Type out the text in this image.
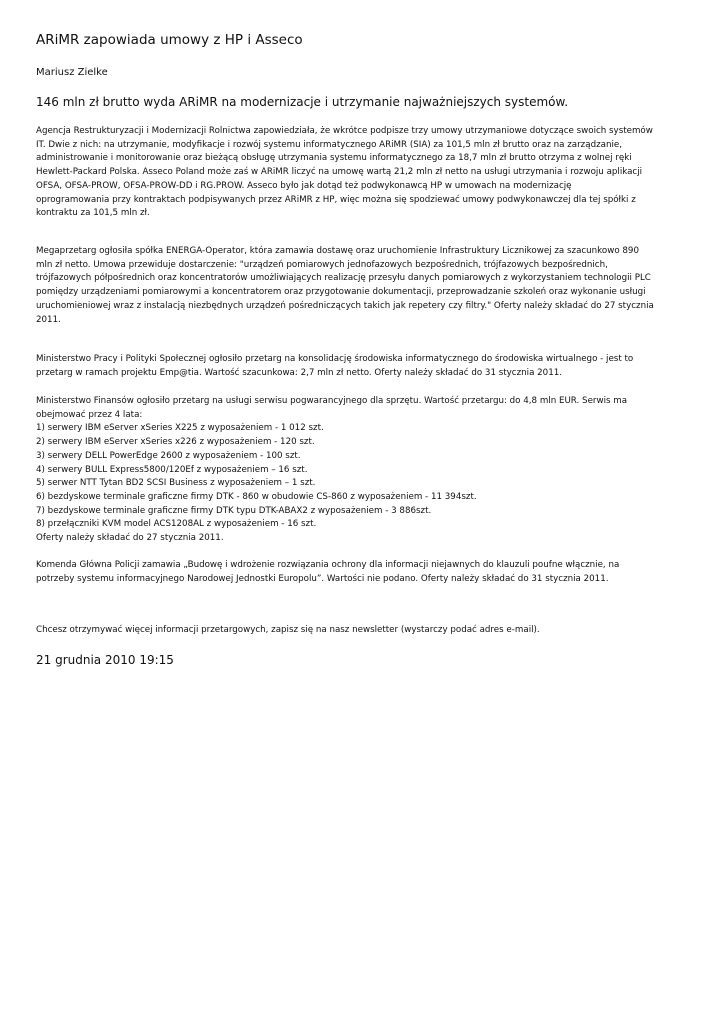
ARiMR zapowiada umowy z HP i Asseco
Mariusz Zielke
146 mln zł brutto wyda ARiMR na modernizacje i utrzymanie najważniejszych systemów.
Agencja Restrukturyzacji i Modernizacji Rolnictwa zapowiedziała, że wkrótce podpisze trzy umowy utrzymaniowe dotyczące swoich systemów
IT. Dwie z nich: na utrzymanie, modyfikacje i rozwój systemu informatycznego ARiMR (SIA) za 101,5 mln zł brutto oraz na zarządzanie,
administrowanie i monitorowanie oraz bieżącą obsługę utrzymania systemu informatycznego za 18,7 mln zł brutto otrzyma z wolnej ręki
Hewlett-Packard Polska. Asseco Poland może zaś w ARiMR liczyć na umowę wartą 21,2 mln zł netto na usługi utrzymania i rozwoju aplikacji
OFSA, OFSA-PROW, OFSA-PROW-DD i RG.PROW. Asseco było jak dotąd też podwykonawcą HP w umowach na modernizację
oprogramowania przy kontraktach podpisywanych przez ARiMR z HP, więc można się spodziewać umowy podwykonawczej dla tej spółki z
kontraktu za 101,5 mln zł.
Megaprzetarg ogłosiła spółka ENERGA-Operator, która zamawia dostawę oraz uruchomienie Infrastruktury Licznikowej za szacunkowo 890
mln zł netto. Umowa przewiduje dostarczenie: "urządzeń pomiarowych jednofazowych bezpośrednich, trójfazowych bezpośrednich,
trójfazowych półpośrednich oraz koncentratorów umożliwiających realizację przesyłu danych pomiarowych z wykorzystaniem technologii PLC
pomiędzy urządzeniami pomiarowymi a koncentratorem oraz przygotowanie dokumentacji, przeprowadzanie szkoleń oraz wykonanie usługi
uruchomieniowej wraz z instalacją niezbędnych urządzeń pośredniczących takich jak repetery czy filtry." Oferty należy składać do 27 stycznia
2011.
Ministerstwo Pracy i Polityki Społecznej ogłosiło przetarg na konsolidację środowiska informatycznego do środowiska wirtualnego - jest to
przetarg w ramach projektu Emp@tia. Wartość szacunkowa: 2,7 mln zł netto. Oferty należy składać do 31 stycznia 2011.
Ministerstwo Finansów ogłosiło przetarg na usługi serwisu pogwarancyjnego dla sprzętu. Wartość przetargu: do 4,8 mln EUR. Serwis ma
obejmować przez 4 lata:
1) serwery IBM eServer xSeries X225 z wyposażeniem - 1 012 szt.
2) serwery IBM eServer xSeries x226 z wyposażeniem - 120 szt.
3) serwery DELL PowerEdge 2600 z wyposażeniem - 100 szt.
4) serwery BULL Express5800/120Ef z wyposażeniem – 16 szt.
5) serwer NTT Tytan BD2 SCSI Business z wyposażeniem – 1 szt.
6) bezdyskowe terminale graficzne firmy DTK - 860 w obudowie CS-860 z wyposażeniem - 11 394szt.
7) bezdyskowe terminale graficzne firmy DTK typu DTK-ABAX2 z wyposażeniem - 3 886szt.
8) przełączniki KVM model ACS1208AL z wyposażeniem - 16 szt.
Oferty należy składać do 27 stycznia 2011.
Komenda Główna Policji zamawia „Budowę i wdrożenie rozwiązania ochrony dla informacji niejawnych do klauzuli poufne włącznie, na
potrzeby systemu informacyjnego Narodowej Jednostki Europolu”. Wartości nie podano. Oferty należy składać do 31 stycznia 2011.
Chcesz otrzymywać więcej informacji przetargowych, zapisz się na nasz newsletter (wystarczy podać adres e-mail).
21 grudnia 2010 19:15
